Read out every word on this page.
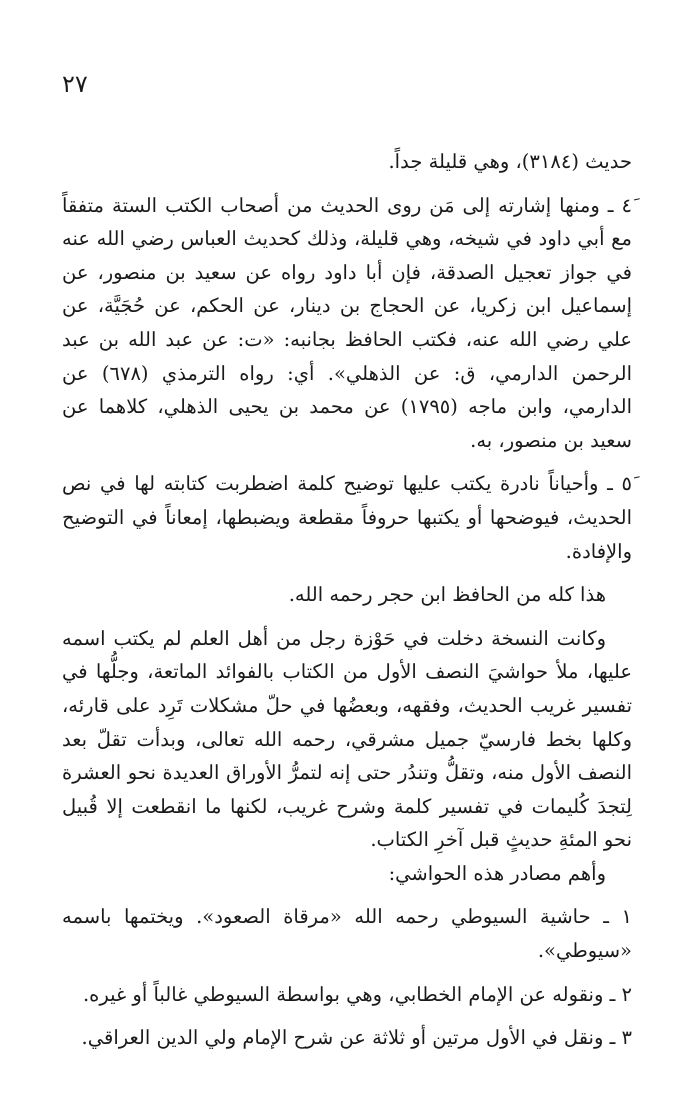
٢٧

حديث (٣١٨٤)، وهي قليلة جداً.

٤َ ـ ومنها إشارته إلى مَن روى الحديث من أصحاب الكتب الستة متفقاً مع أبي داود في شيخه، وهي قليلة، وذلك كحديث العباس رضي الله عنه في جواز تعجيل الصدقة، فإن أبا داود رواه عن سعيد بن منصور، عن إسماعيل ابن زكريا، عن الحجاج بن دينار، عن الحكم، عن حُجَيَّة، عن علي رضي الله عنه، فكتب الحافظ بجانبه: «ت: عن عبد الله بن عبد الرحمن الدارمي، ق: عن الذهلي». أي: رواه الترمذي (٦٧٨) عن الدارمي، وابن ماجه (١٧٩٥) عن محمد بن يحيى الذهلي، كلاهما عن سعيد بن منصور، به.

٥َ ـ وأحياناً نادرة يكتب عليها توضيح كلمة اضطربت كتابته لها في نص الحديث، فيوضحها أو يكتبها حروفاً مقطعة ويضبطها، إمعاناً في التوضيح والإفادة.

هذا كله من الحافظ ابن حجر رحمه الله.

وكانت النسخة دخلت في حَوْزة رجل من أهل العلم لم يكتب اسمه عليها، ملأ حواشيَ النصف الأول من الكتاب بالفوائد الماتعة، وجلُّها في تفسير غريب الحديث، وفقهه، وبعضُها في حلّ مشكلات تَرِد على قارئه، وكلها بخط فارسيّ جميل مشرقي، رحمه الله تعالى، وبدأت تقلّ بعد النصف الأول منه، وتقلُّ وتندُر حتى إنه لتمرُّ الأوراق العديدة نحو العشرة لِتجدَ كُليمات في تفسير كلمة وشرح غريب، لكنها ما انقطعت إلا قُبيل نحو المئةِ حديثٍ قبل آخرِ الكتاب.

وأهم مصادر هذه الحواشي:

١ ـ حاشية السيوطي رحمه الله «مرقاة الصعود». ويختمها باسمه «سيوطي».

٢ ـ ونقوله عن الإمام الخطابي، وهي بواسطة السيوطي غالباً أو غيره.

٣ ـ ونقل في الأول مرتين أو ثلاثة عن شرح الإمام ولي الدين العراقي.
